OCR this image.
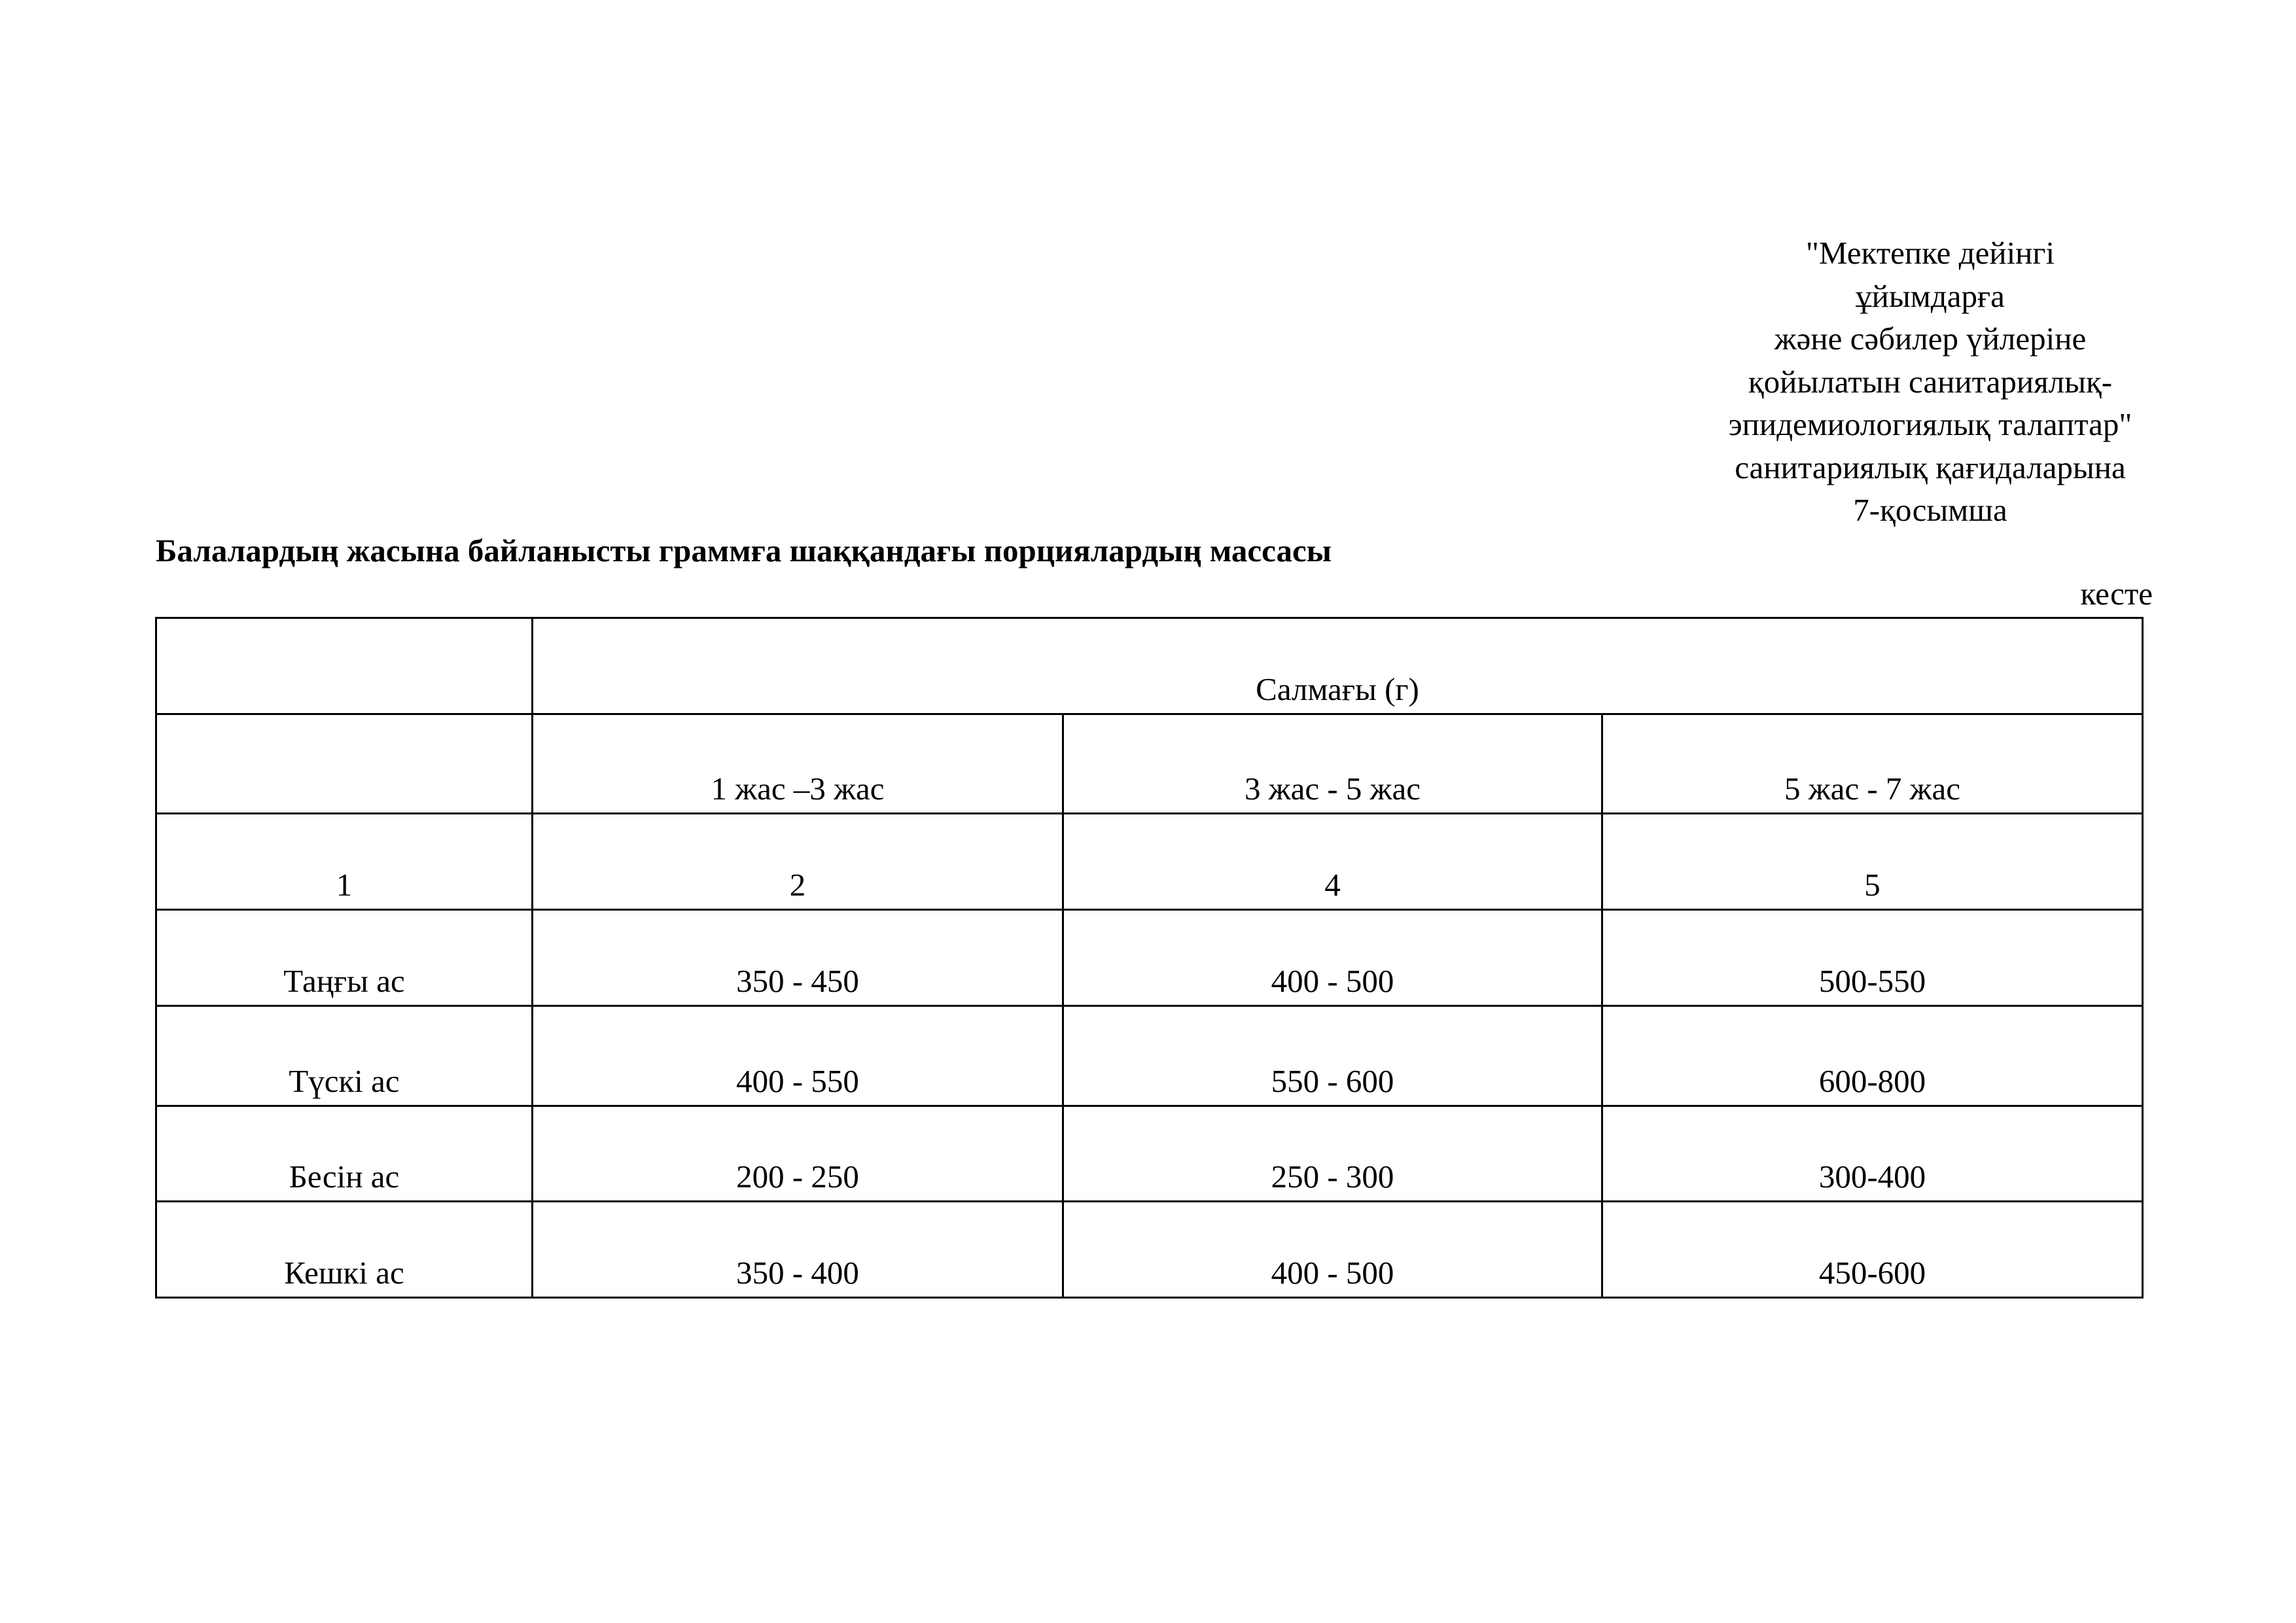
"Мектепке дейінгі
ұйымдарға
және сәбилер үйлеріне
қойылатын санитариялық-
эпидемиологиялық талаптар"
санитариялық қағидаларына
7-қосымша
Балалардың жасына байланысты граммға шаққандағы порциялардың массасы
кесте
	Салмағы (г)		
	1 жас –3 жас	3 жас - 5 жас	5 жас - 7 жас
1	2	4	5
Таңғы ас	350 - 450	400 - 500	500-550
Түскі ас	400 - 550	550 - 600	600-800
Бесін ас	200 - 250	250 - 300	300-400
Кешкі ас	350 - 400	400 - 500	450-600
